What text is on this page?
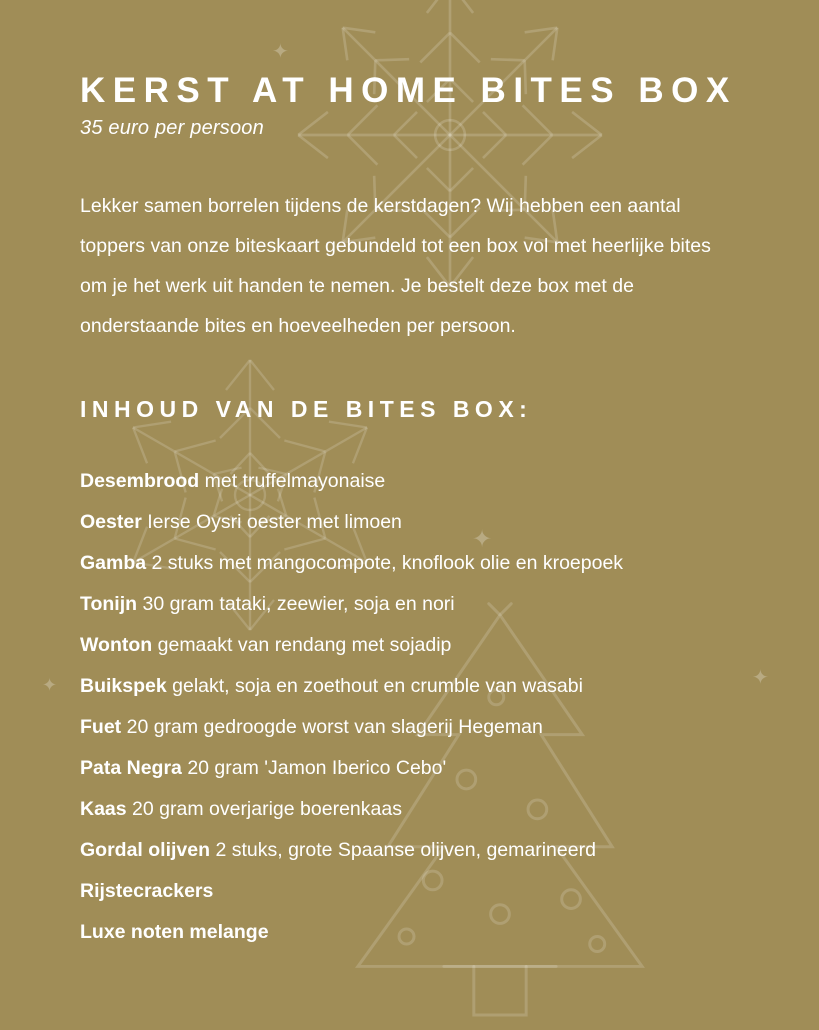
✦
✦
✦
✦
KERST AT HOME BITES BOX

35 euro per persoon

Lekker samen borrelen tijdens de kerstdagen? Wij hebben een aantal toppers van onze biteskaart gebundeld tot een box vol met heerlijke bites om je het werk uit handen te nemen. Je bestelt deze box met de onderstaande bites en hoeveelheden per persoon.

INHOUD VAN DE BITES BOX:
Desembrood met truffelmayonaise
Oester Ierse Oysri oester met limoen
Gamba 2 stuks met mangocompote, knoflook olie en kroepoek
Tonijn 30 gram tataki, zeewier, soja en nori
Wonton gemaakt van rendang met sojadip
Buikspek gelakt, soja en zoethout en crumble van wasabi
Fuet 20 gram gedroogde worst van slagerij Hegeman
Pata Negra 20 gram 'Jamon Iberico Cebo'
Kaas 20 gram overjarige boerenkaas
Gordal olijven 2 stuks, grote Spaanse olijven, gemarineerd
Rijstecrackers
Luxe noten melange
